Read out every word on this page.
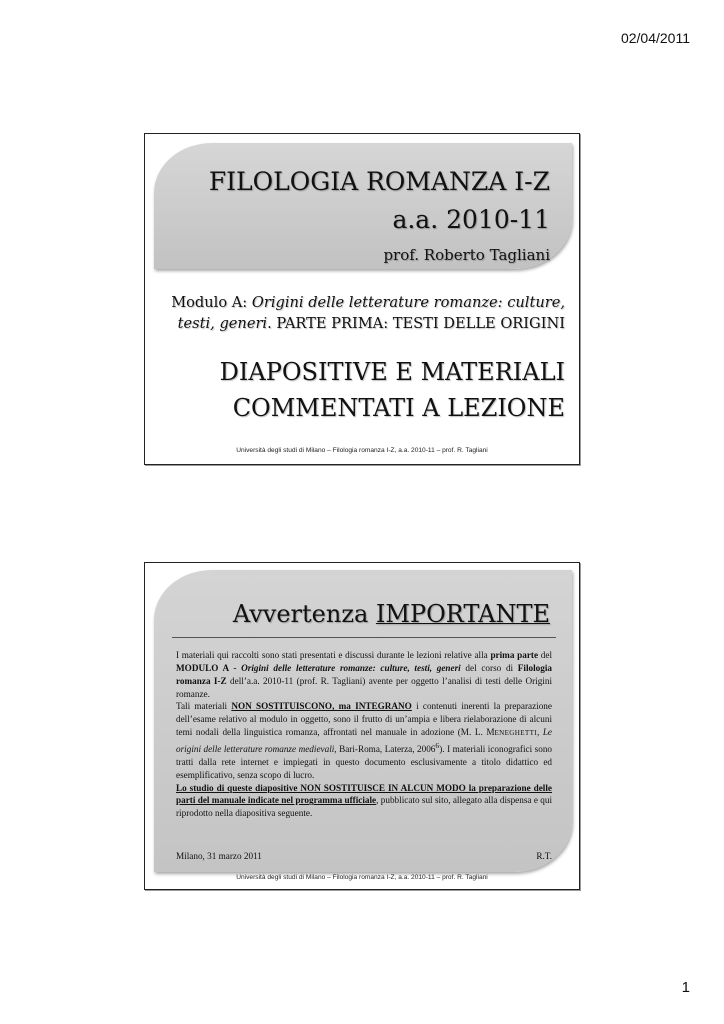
02/04/2011
FILOLOGIA ROMANZA I-Z
a.a. 2010-11
prof. Roberto Tagliani
Modulo A: Origini delle letterature romanze: culture, testi, generi. PARTE PRIMA: TESTI DELLE ORIGINI
DIAPOSITIVE E MATERIALI
COMMENTATI A LEZIONE
Università degli studi di Milano – Filologia romanza I-Z, a.a. 2010-11 – prof. R. Tagliani
Avvertenza IMPORTANTE

I materiali qui raccolti sono stati presentati e discussi durante le lezioni relative alla prima parte del MODULO A - Origini delle letterature romanze: culture, testi, generi del corso di Filologia romanza I-Z dell’a.a. 2010-11 (prof. R. Tagliani) avente per oggetto l’analisi di testi delle Origini romanze.

Tali materiali NON SOSTITUISCONO, ma INTEGRANO i contenuti inerenti la preparazione dell’esame relativo al modulo in oggetto, sono il frutto di un’ampia e libera rielaborazione di alcuni temi nodali della linguistica romanza, affrontati nel manuale in adozione (M. L. MENEGHETTI, Le origini delle letterature romanze medievali, Bari-Roma, Laterza, 2006$^6$). I materiali iconografici sono tratti dalla rete internet e impiegati in questo documento esclusivamente a titolo didattico ed esemplificativo, senza scopo di lucro.

Lo studio di queste diapositive NON SOSTITUISCE IN ALCUN MODO la preparazione delle parti del manuale indicate nel programma ufficiale, pubblicato sul sito, allegato alla dispensa e qui riprodotto nella diapositiva seguente.

Milano, 31 marzo 2011	R.T.
Università degli studi di Milano – Filologia romanza I-Z, a.a. 2010-11 – prof. R. Tagliani
1
